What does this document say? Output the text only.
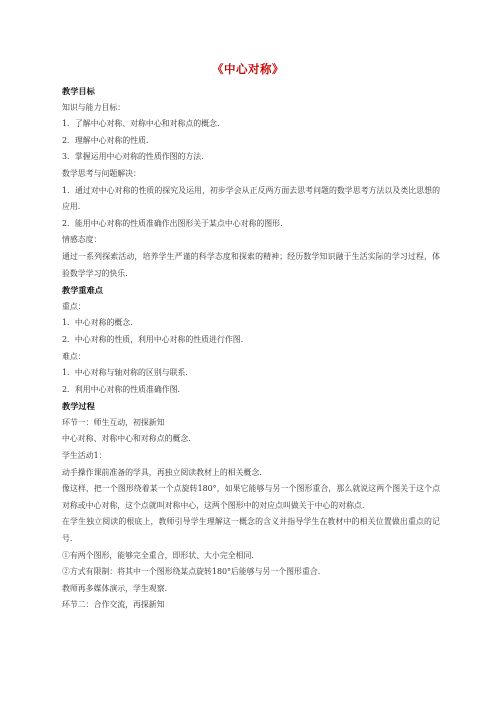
《中心对称》
教学目标
知识与能力目标：
1．了解中心对称、对称中心和对称点的概念.
2．理解中心对称的性质.
3．掌握运用中心对称的性质作图的方法.
数学思考与问题解决：
1．通过对中心对称的性质的探究及运用，初步学会从正反两方面去思考问题的数学思考方法以及类比思想的应用.
2．能用中心对称的性质准确作出图形关于某点中心对称的图形.
情感态度：
通过一系列探索活动，培养学生严谨的科学态度和探索的精神；经历数学知识融于生活实际的学习过程，体验数学学习的快乐.
教学重难点
重点：
1．中心对称的概念.
2．中心对称的性质，利用中心对称的性质进行作图.
难点：
1．中心对称与轴对称的区别与联系.
2．利用中心对称的性质准确作图.
教学过程
环节一：师生互动，初探新知
中心对称、对称中心和对称点的概念.
学生活动1：
动手操作课前准备的学具，再独立阅读教材上的相关概念.
像这样，把一个图形绕着某一个点旋转180°，如果它能够与另一个图形重合，那么就说这两个图关于这个点对称或中心对称，这个点就叫对称中心，这两个图形中的对应点叫做关于中心的对称点.
在学生独立阅读的根底上，教师引导学生理解这一概念的含义并指导学生在教材中的相关位置做出重点的记号.
①有两个图形，能够完全重合，即形状、大小完全相同.
②方式有限制：将其中一个图形绕某点旋转180°后能够与另一个图形重合.
教师再多媒体演示，学生观察.
环节二：合作交流，再探新知
